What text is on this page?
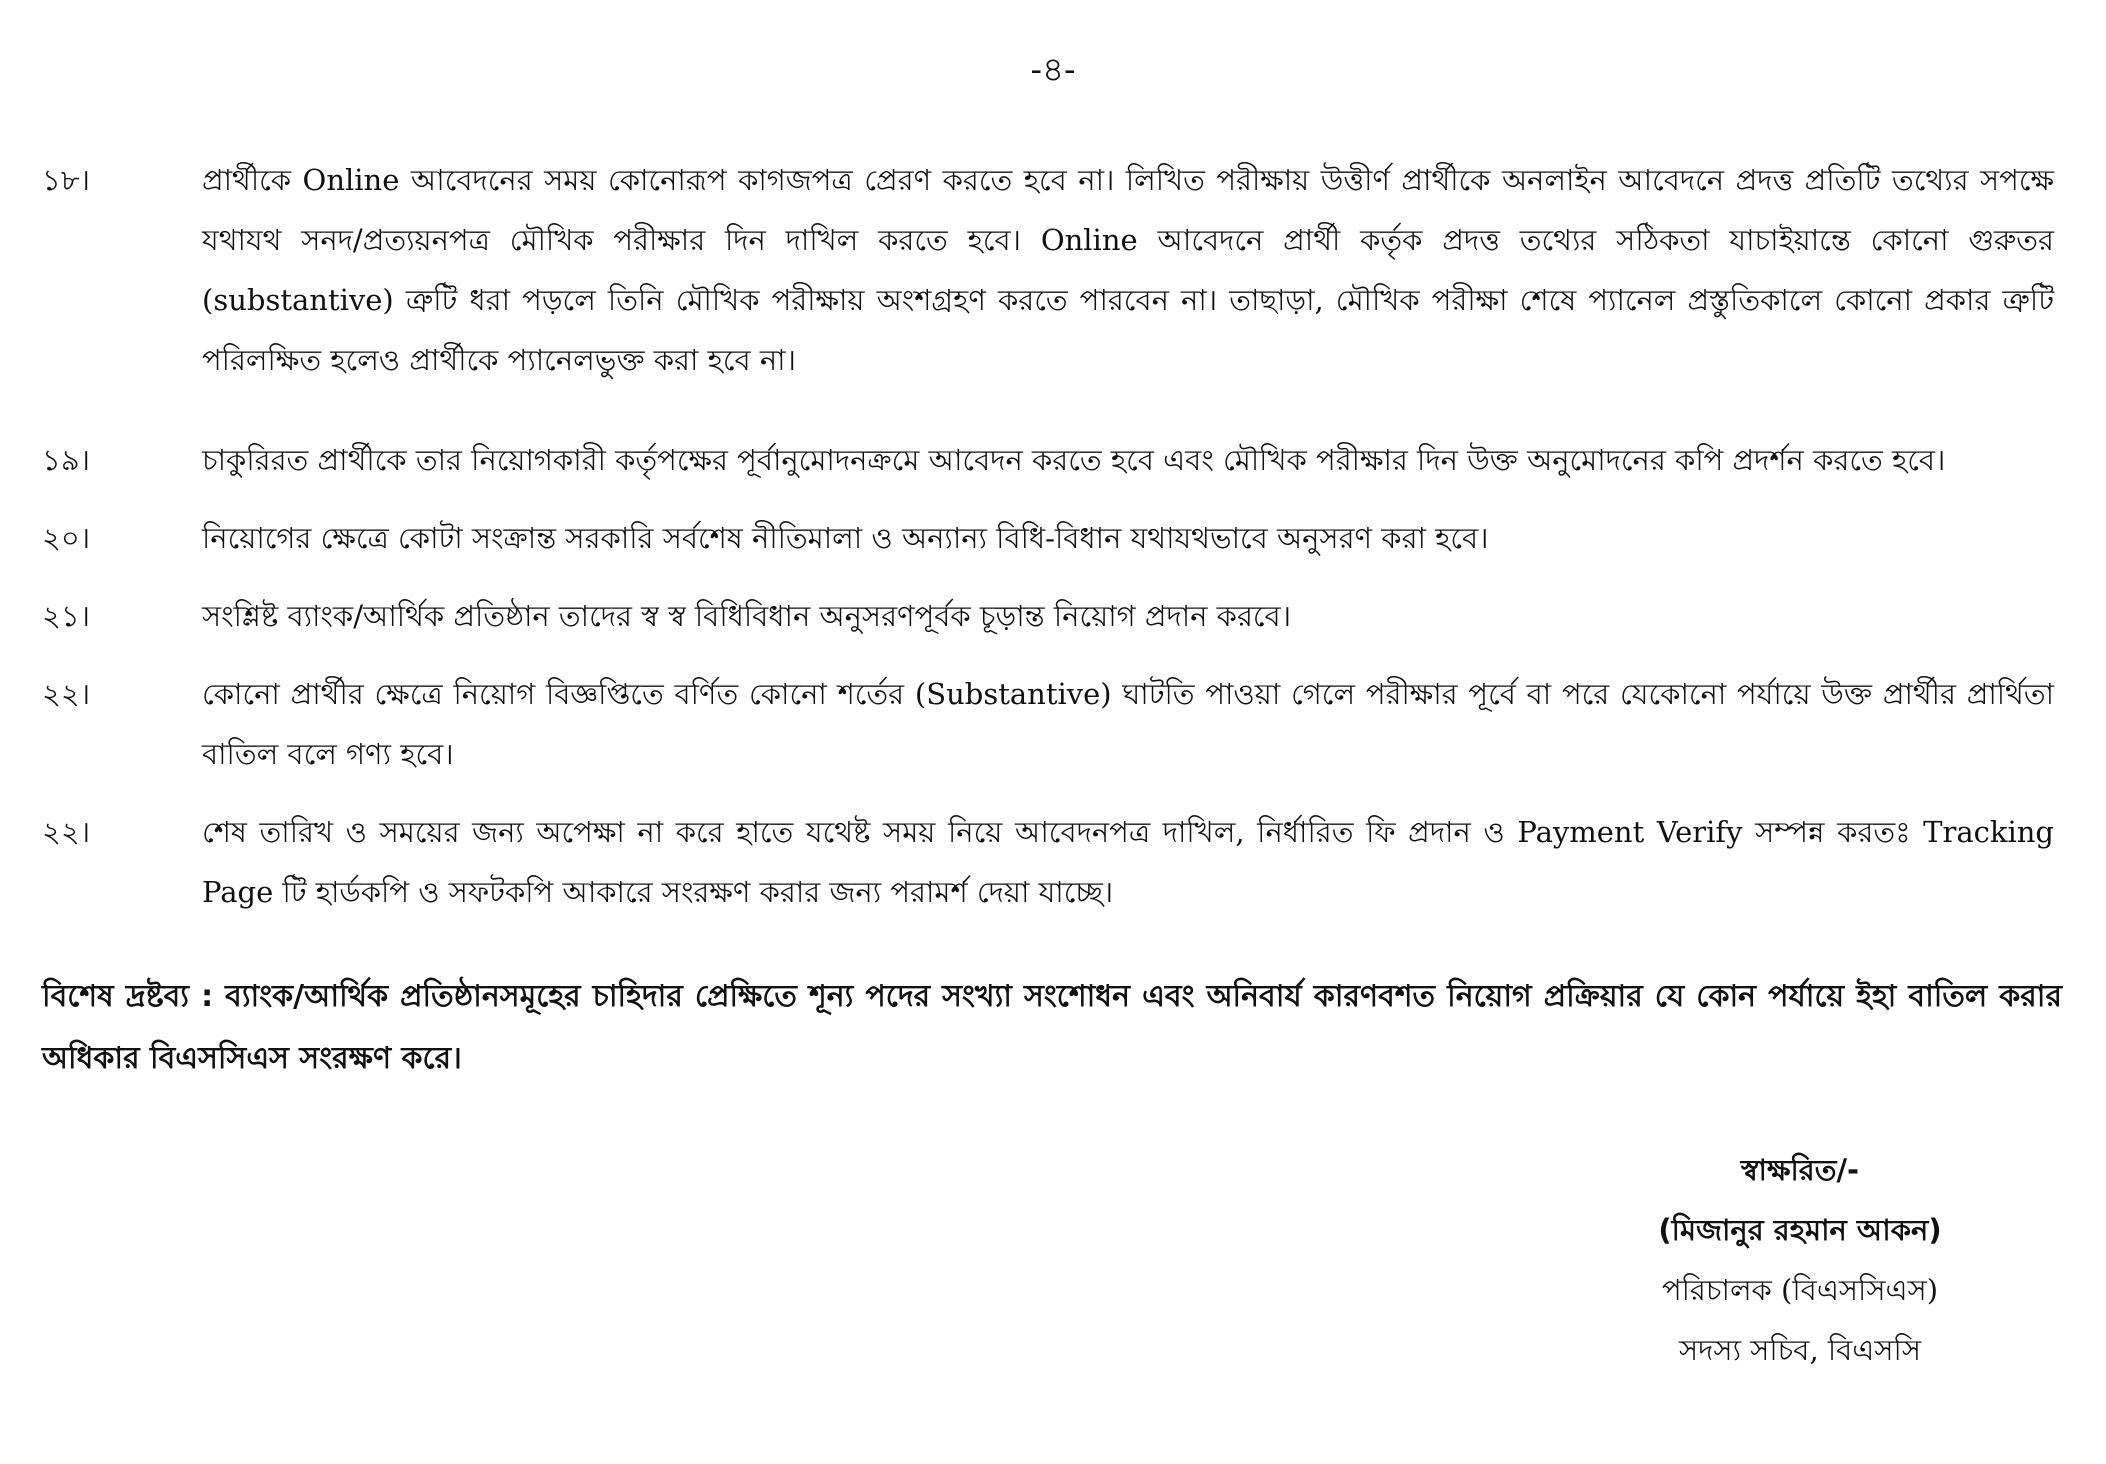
-৪-
১৮।	প্রার্থীকে Online আবেদনের সময় কোনোরূপ কাগজপত্র প্রেরণ করতে হবে না। লিখিত পরীক্ষায় উত্তীর্ণ প্রার্থীকে অনলাইন আবেদনে প্রদত্ত প্রতিটি তথ্যের সপক্ষে যথাযথ সনদ/প্রত্যয়নপত্র মৌখিক পরীক্ষার দিন দাখিল করতে হবে। Online আবেদনে প্রার্থী কর্তৃক প্রদত্ত তথ্যের সঠিকতা যাচাইয়ান্তে কোনো গুরুতর (substantive) ত্রুটি ধরা পড়লে তিনি মৌখিক পরীক্ষায় অংশগ্রহণ করতে পারবেন না। তাছাড়া, মৌখিক পরীক্ষা শেষে প্যানেল প্রস্তুতিকালে কোনো প্রকার ত্রুটি পরিলক্ষিত হলেও প্রার্থীকে প্যানেলভুক্ত করা হবে না।
১৯।	চাকুরিরত প্রার্থীকে তার নিয়োগকারী কর্তৃপক্ষের পূর্বানুমোদনক্রমে আবেদন করতে হবে এবং মৌখিক পরীক্ষার দিন উক্ত অনুমোদনের কপি প্রদর্শন করতে হবে।
২০।	নিয়োগের ক্ষেত্রে কোটা সংক্রান্ত সরকারি সর্বশেষ নীতিমালা ও অন্যান্য বিধি-বিধান যথাযথভাবে অনুসরণ করা হবে।
২১।	সংশ্লিষ্ট ব্যাংক/আর্থিক প্রতিষ্ঠান তাদের স্ব স্ব বিধিবিধান অনুসরণপূর্বক চূড়ান্ত নিয়োগ প্রদান করবে।
২২।	কোনো প্রার্থীর ক্ষেত্রে নিয়োগ বিজ্ঞপ্তিতে বর্ণিত কোনো শর্তের (Substantive) ঘাটতি পাওয়া গেলে পরীক্ষার পূর্বে বা পরে যেকোনো পর্যায়ে উক্ত প্রার্থীর প্রার্থিতা বাতিল বলে গণ্য হবে।
২২।	শেষ তারিখ ও সময়ের জন্য অপেক্ষা না করে হাতে যথেষ্ট সময় নিয়ে আবেদনপত্র দাখিল, নির্ধারিত ফি প্রদান ও Payment Verify সম্পন্ন করতঃ Tracking Page টি হার্ডকপি ও সফটকপি আকারে সংরক্ষণ করার জন্য পরামর্শ দেয়া যাচ্ছে।
বিশেষ দ্রষ্টব্য : ব্যাংক/আর্থিক প্রতিষ্ঠানসমূহের চাহিদার প্রেক্ষিতে শূন্য পদের সংখ্যা সংশোধন এবং অনিবার্য কারণবশত নিয়োগ প্রক্রিয়ার যে কোন পর্যায়ে ইহা বাতিল করার অধিকার বিএসসিএস সংরক্ষণ করে।
স্বাক্ষরিত/-
(মিজানুর রহমান আকন)
পরিচালক (বিএসসিএস)
সদস্য সচিব, বিএসসি
